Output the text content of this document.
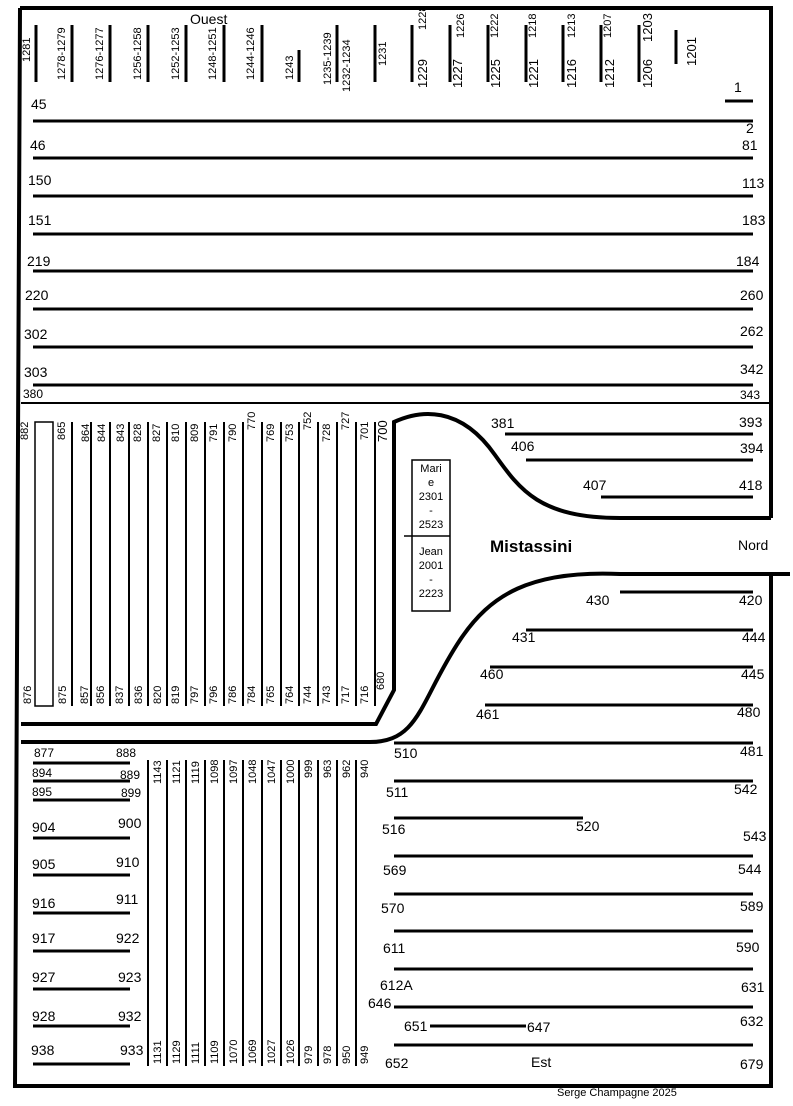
Ouest
Nord
Est
Mistassini
Serge Champagne 2025
Mari
e
2301
-
2523
Jean
2001
-
2223
1281 1278-1279 1276-1277 1256-1258 1252-1253 1248-1251 1244-1246 1243 1235-1239 1232-1234 1231
1229
1228
1227
1226
1225
1222
1221
1218
1216
1213
1212
1207
1206
1203
1201
45
46
150
151
219
220
302
303
380
1
2
81
113
183
184
260
262
342
343
393
394
418
381
406
407
882 865 864 844 843 828 827 810 809 791 790
770
769 753
752
728
727
701 700
876 875 857 856 837 836 820 819 797 796 786 784 765 764 744 743 717 716
680
877	888
894	889
895	899
904	900
905	910
916	911
917	922
927	923
928	932
938	933
1143 1121 1119 1098 1097 1048 1047 1000 999 963 962 940
1131 1129 1111 1109 1070 1069 1027 1026 979 978 950 949
430
431
460
461
510
511
516	520
569
570
611
612A
646
651	647
652
420
444
445
480
481
542
543
544
589
590
631
632
679
